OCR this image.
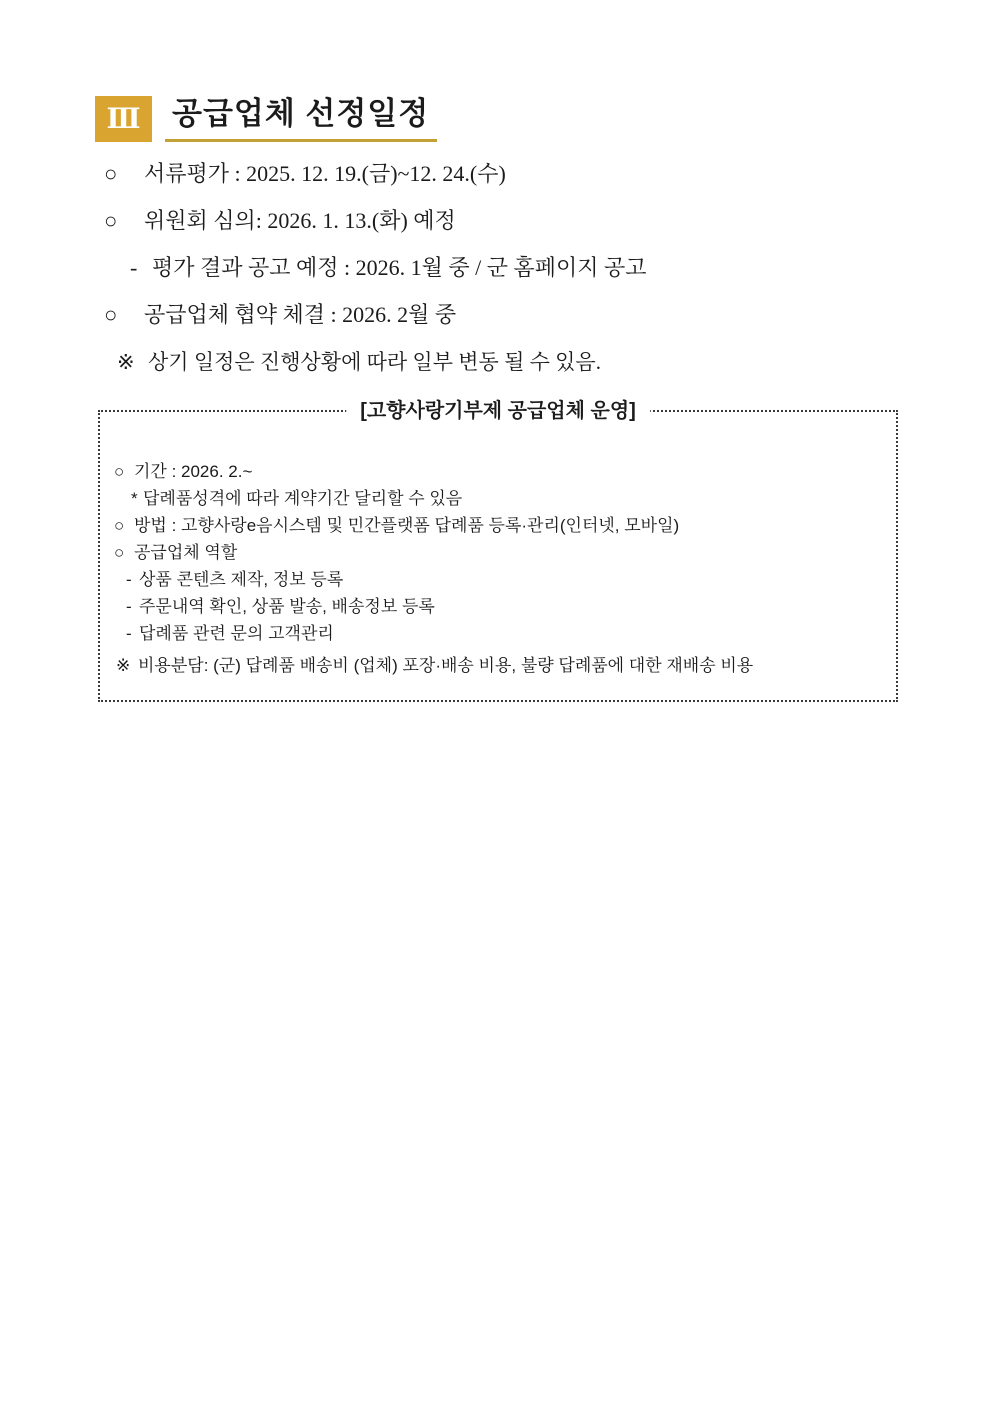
Ⅲ 공급업체 선정일정
○ 서류평가 : 2025. 12. 19.(금)~12. 24.(수)
○ 위원회 심의: 2026. 1. 13.(화) 예정
- 평가 결과 공고 예정 : 2026. 1월 중 / 군 홈페이지 공고
○ 공급업체 협약 체결 : 2026. 2월 중
※ 상기 일정은 진행상황에 따라 일부 변동 될 수 있음.
[고향사랑기부제 공급업체 운영]
○ 기간 : 2026. 2.~
* 답례품성격에 따라 계약기간 달리할 수 있음
○ 방법 : 고향사랑e음시스템 및 민간플랫폼 답례품 등록·관리(인터넷, 모바일)
○ 공급업체 역할
- 상품 콘텐츠 제작, 정보 등록
- 주문내역 확인, 상품 발송, 배송정보 등록
- 답례품 관련 문의 고객관리
※ 비용분담: (군) 답례품 배송비 (업체) 포장·배송 비용, 불량 답례품에 대한 재배송 비용
